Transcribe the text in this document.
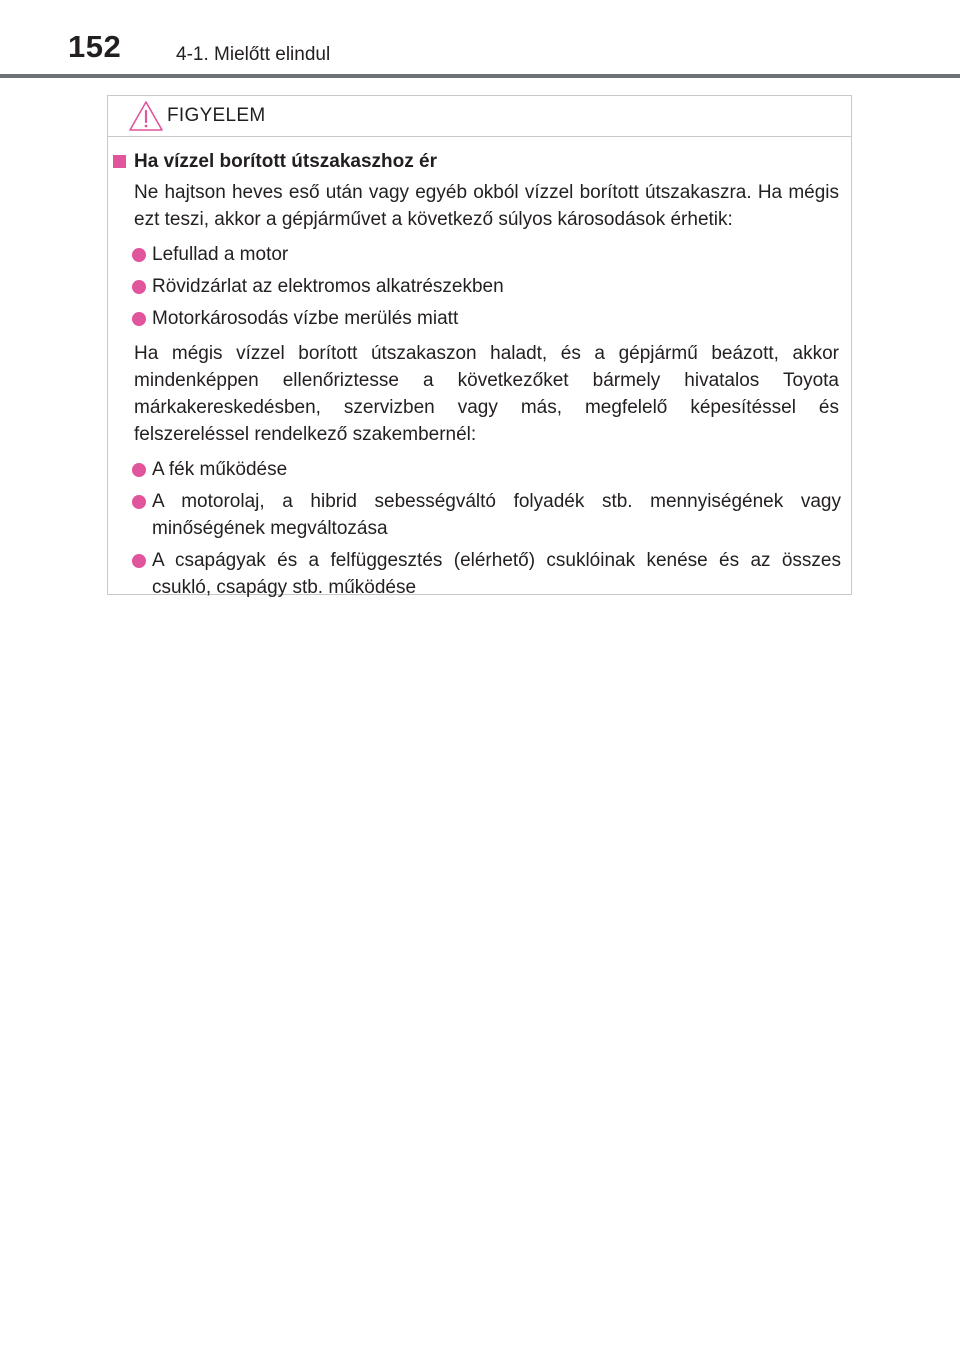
152	4-1. Mielőtt elindul
FIGYELEM
Ha vízzel borított útszakaszhoz ér

Ne hajtson heves eső után vagy egyéb okból vízzel borított útszakaszra. Ha mégis ezt teszi, akkor a gépjárművet a következő súlyos károsodások érhetik:

Lefullad a motor
Rövidzárlat az elektromos alkatrészekben
Motorkárosodás vízbe merülés miatt

Ha mégis vízzel borított útszakaszon haladt, és a gépjármű beázott, akkor mindenképpen ellenőriztesse a következőket bármely hivatalos Toyota márkakereskedésben, szervizben vagy más, megfelelő képesítéssel és felszereléssel rendelkező szakembernél:

A fék működése
A motorolaj, a hibrid sebességváltó folyadék stb. mennyiségének vagy minőségének megváltozása
A csapágyak és a felfüggesztés (elérhető) csuklóinak kenése és az összes csukló, csapágy stb. működése
